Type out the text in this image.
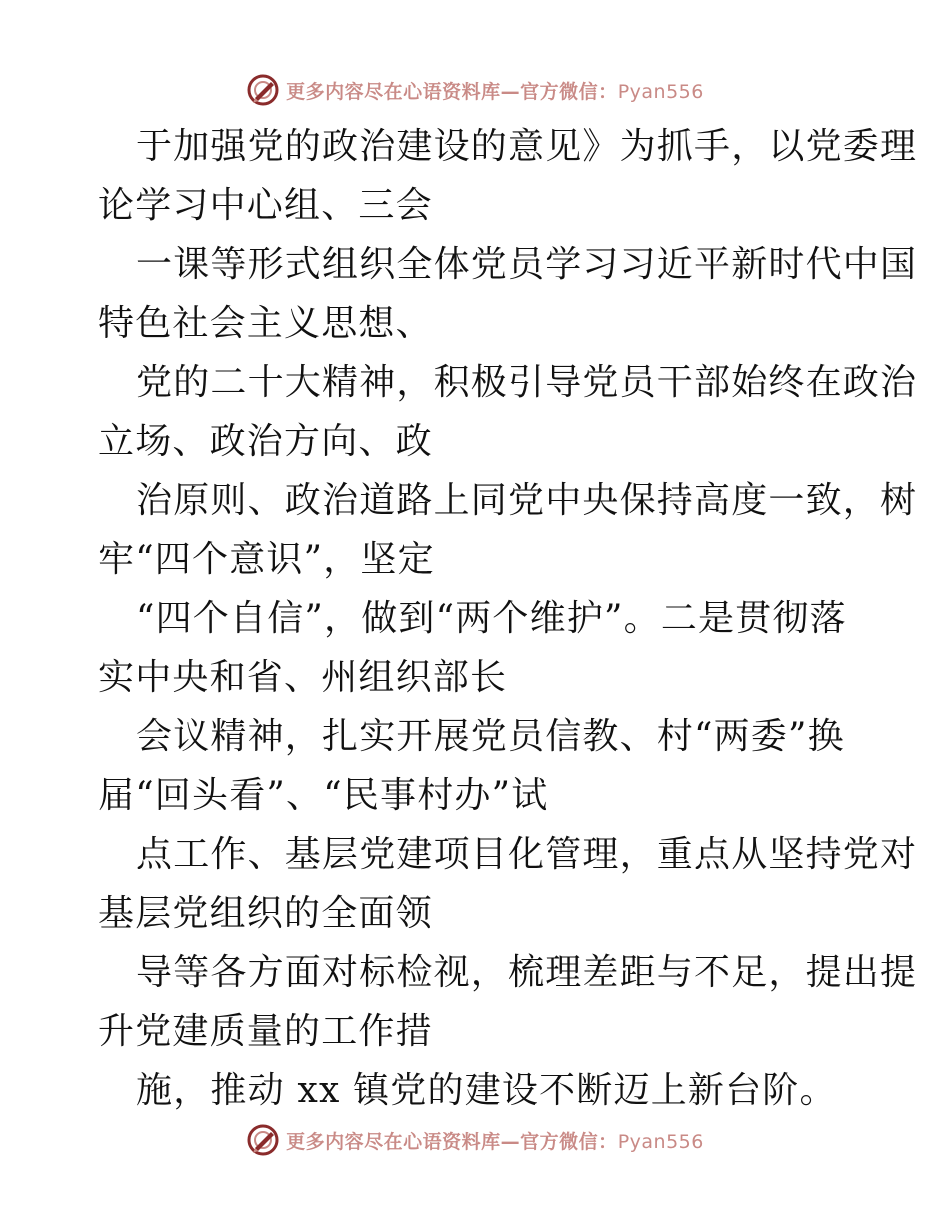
更多内容尽在心语资料库—官方微信：Pyan556
于加强党的政治建设的意见》为抓手，以党委理
论学习中心组、三会
一课等形式组织全体党员学习习近平新时代中国
特色社会主义思想、
党的二十大精神，积极引导党员干部始终在政治
立场、政治方向、政
治原则、政治道路上同党中央保持高度一致，树
牢“四个意识”，坚定
“四个自信”，做到“两个维护”。二是贯彻落
实中央和省、州组织部长
会议精神，扎实开展党员信教、村“两委”换
届“回头看”、“民事村办”试
点工作、基层党建项目化管理，重点从坚持党对
基层党组织的全面领
导等各方面对标检视，梳理差距与不足，提出提
升党建质量的工作措
施，推动 xx 镇党的建设不断迈上新台阶。
更多内容尽在心语资料库—官方微信：Pyan556
